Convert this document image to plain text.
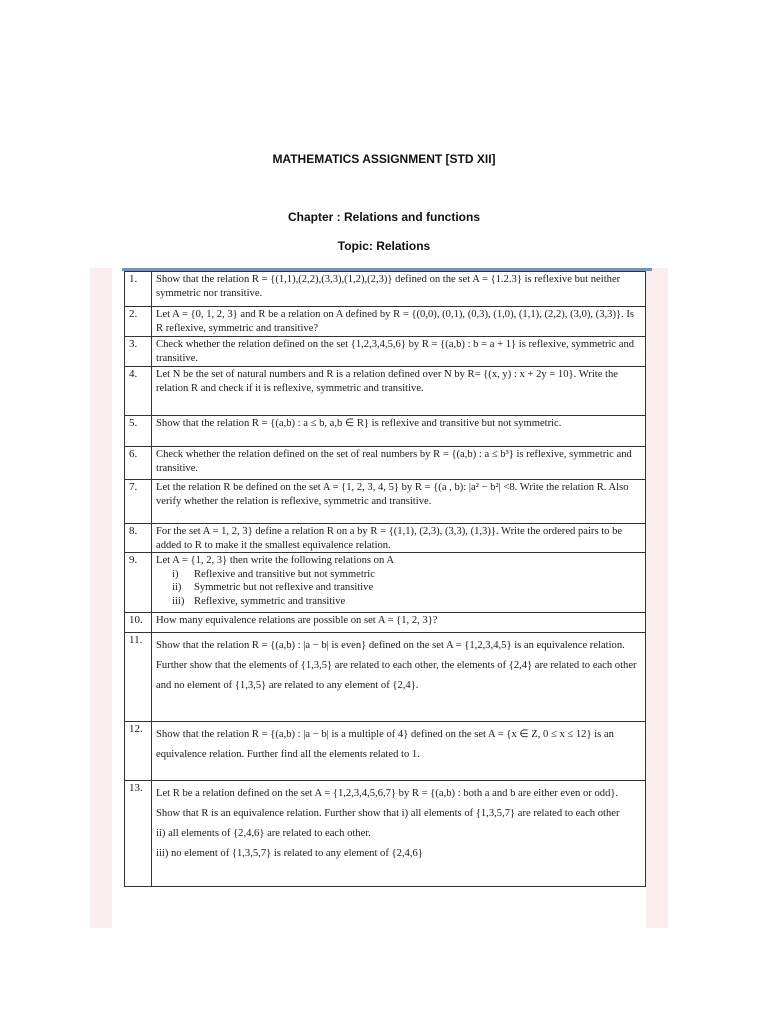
MATHEMATICS ASSIGNMENT [STD XII]
Chapter : Relations and functions
Topic: Relations
1.	Show that the relation R = {(1,1),(2,2),(3,3),(1,2),(2,3)} defined on the set A = {1.2.3} is reflexive but neither symmetric nor transitive.
2.	Let A = {0, 1, 2, 3} and R be a relation on A defined by R = {(0,0), (0,1), (0,3), (1,0), (1,1), (2,2), (3,0), (3,3)}. Is R reflexive, symmetric and transitive?
3.	Check whether the relation defined on the set {1,2,3,4,5,6} by R = {(a,b) : b = a + 1} is reflexive, symmetric and transitive.
4.	Let N be the set of natural numbers and R is a relation defined over N by R= {(x, y) : x + 2y = 10}. Write the relation R and check if it is reflexive, symmetric and transitive.
5.	Show that the relation R = {(a,b) : a ≤ b, a,b ∈ R} is reflexive and transitive but not symmetric.
6.	Check whether the relation defined on the set of real numbers by R = {(a,b) : a ≤ b³} is reflexive, symmetric and transitive.
7.	Let the relation R be defined on the set A = {1, 2, 3, 4, 5} by R = {(a , b): |a² − b²| <8. Write the relation R. Also verify whether the relation is reflexive, symmetric and transitive.
8.	For the set A = 1, 2, 3} define a relation R on a by R = {(1,1), (2,3), (3,3), (1,3)}. Write the ordered pairs to be added to R to make it the smallest equivalence relation.
9.	Let A = {1, 2, 3} then write the following relations on A
i) Reflexive and transitive but not symmetric
ii) Symmetric but not reflexive and transitive
iii) Reflexive, symmetric and transitive

10.	How many equivalence relations are possible on set A = {1, 2, 3}?
11.	Show that the relation R = {(a,b) : |a − b| is even} defined on the set A = {1,2,3,4,5} is an equivalence relation. Further show that the elements of {1,3,5} are related to each other, the elements of {2,4} are related to each other and no element of {1,3,5} are related to any element of {2,4}.
12.	Show that the relation R = {(a,b) : |a − b| is a multiple of 4} defined on the set A = {x ∈ Z, 0 ≤ x ≤ 12} is an equivalence relation. Further find all the elements related to 1.
13.	Let R be a relation defined on the set A = {1,2,3,4,5,6,7} by R = {(a,b) : both a and b are either even or odd}. Show that R is an equivalence relation. Further show that i) all elements of {1,3,5,7} are related to each other
ii) all elements of {2,4,6} are related to each other.
iii) no element of {1,3,5,7} is related to any element of {2,4,6}
